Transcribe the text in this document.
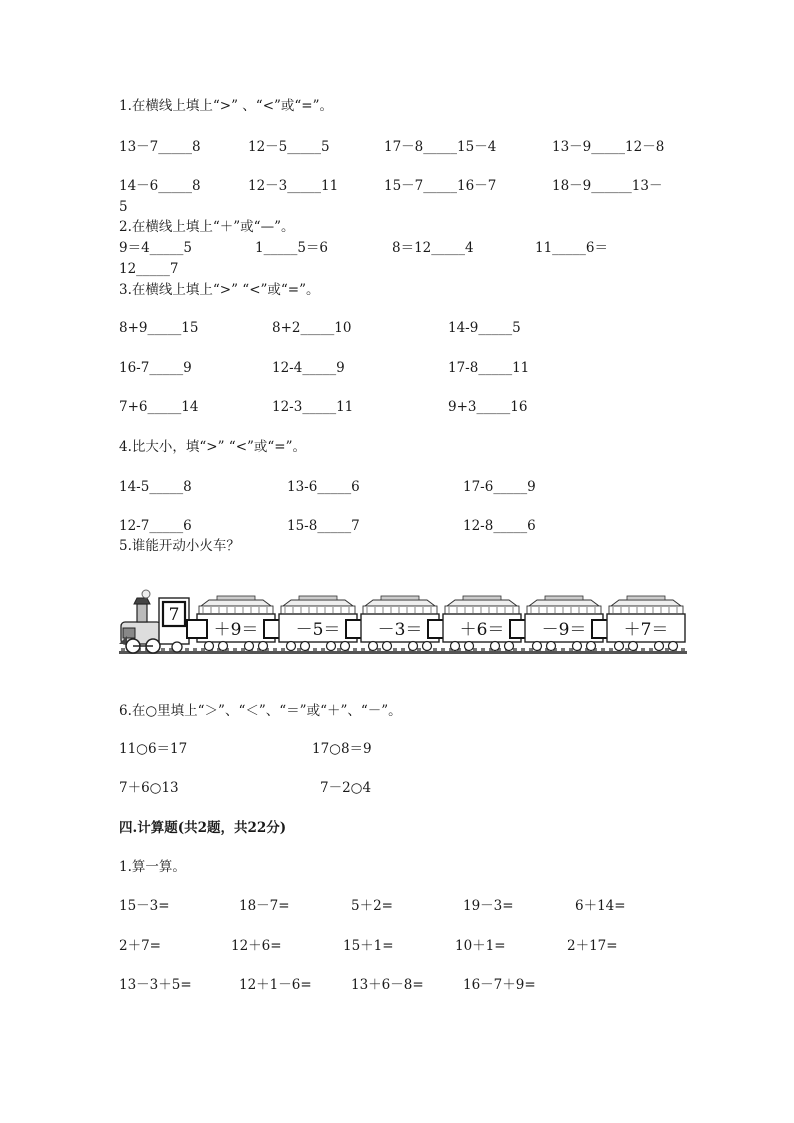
1.在横线上填上“>” 、“<”或“=”。
13－7_____8	12－5_____5	17－8_____15－4	13－9_____12－8
14－6_____8	12－3_____11	15－7_____16－7	18－9______13－
5
2.在横线上填上“＋”或“—”。
9＝4_____5	1_____5＝6	8＝12_____4	11_____6＝
12_____7
3.在横线上填上“>” “<”或“=”。
8+9_____15	8+2_____10	14-9_____5
16-7_____9	12-4_____9	17-8_____11
7+6_____14	12-3_____11	9+3_____16
4.比大小，填“>” “<”或“=”。
14-5_____8	13-6_____6	17-6_____9
12-7_____6	15-8_____7	12-8_____6
5.谁能开动小火车？
7
＋9＝ －5＝ －3＝ ＋6＝ －9＝ ＋7＝
6.在○里填上“＞”、“＜”、“＝”或“＋”、“－”。
11○6＝17	17○8＝9
7＋6○13	7－2○4
四.计算题(共2题，共22分)
1.算一算。
15－3=	18－7=	5＋2=	19－3=	6＋14=
2＋7=	12＋6=	15＋1=	10＋1=	2＋17=
13－3＋5=	12＋1－6=	13＋6－8=	16－7＋9=
